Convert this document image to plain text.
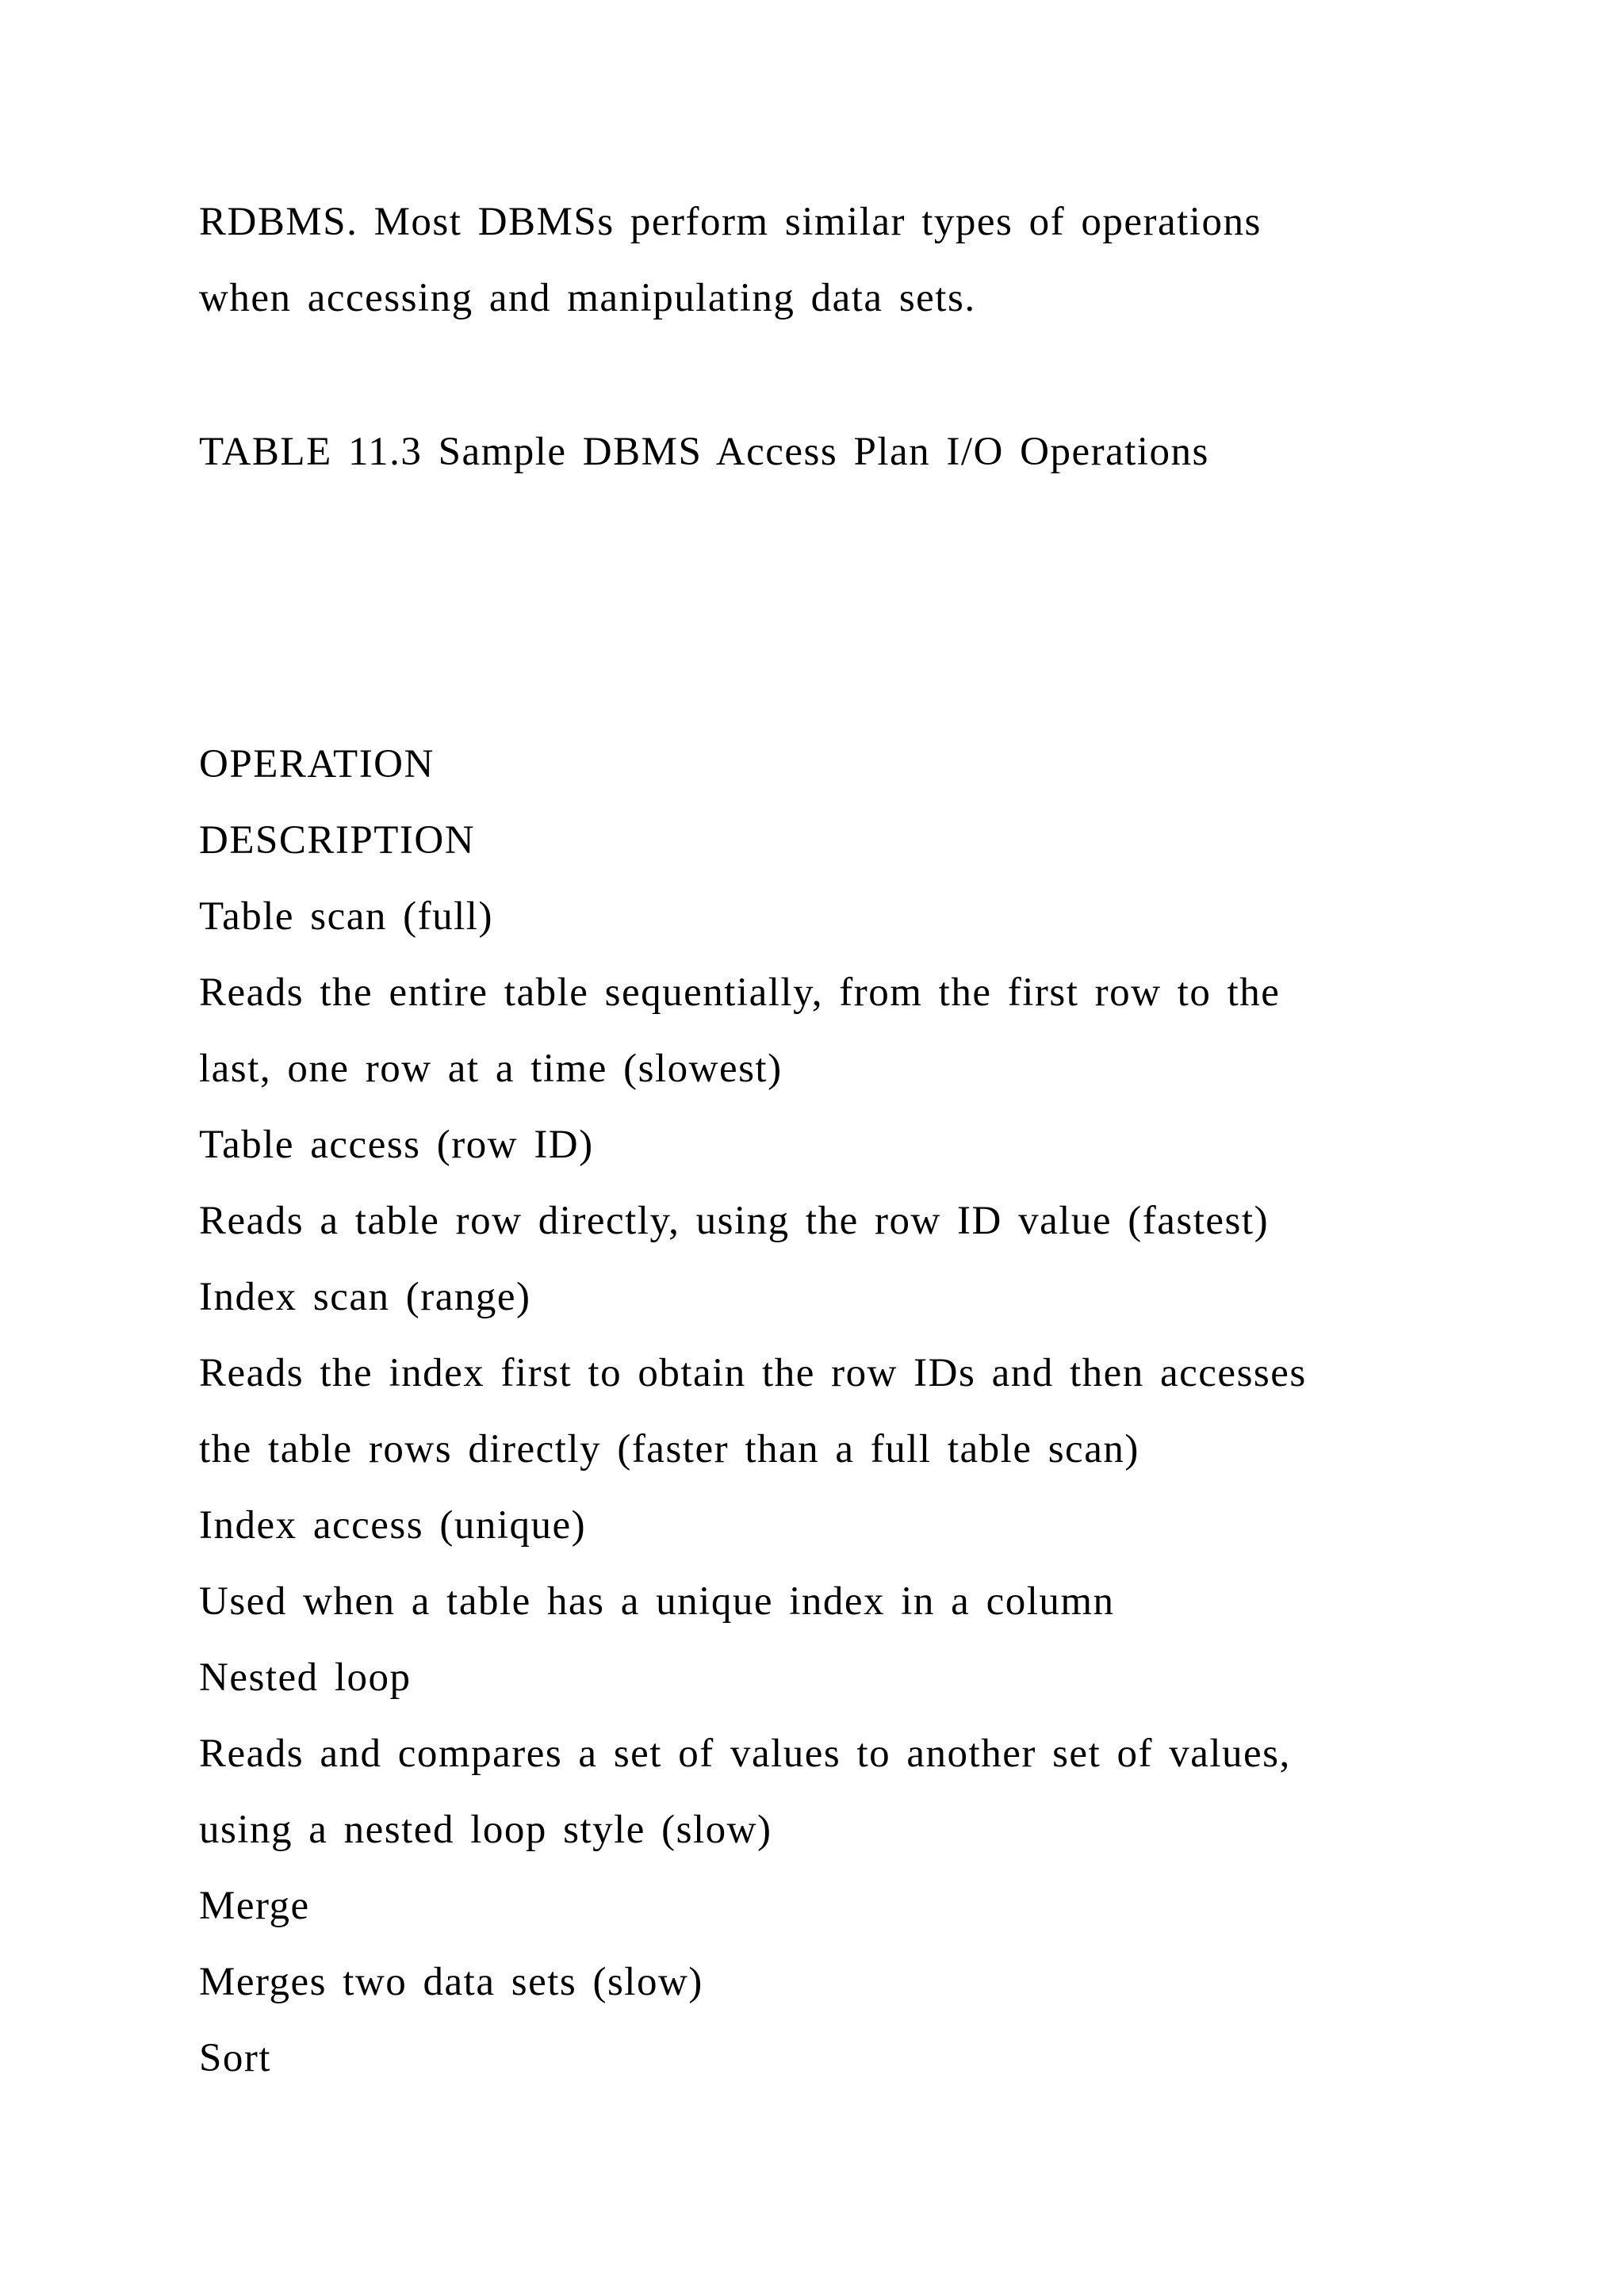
RDBMS. Most DBMSs perform similar types of operations
when accessing and manipulating data sets.
TABLE 11.3 Sample DBMS Access Plan I/O Operations
OPERATION
DESCRIPTION
Table scan (full)
Reads the entire table sequentially, from the first row to the
last, one row at a time (slowest)
Table access (row ID)
Reads a table row directly, using the row ID value (fastest)
Index scan (range)
Reads the index first to obtain the row IDs and then accesses
the table rows directly (faster than a full table scan)
Index access (unique)
Used when a table has a unique index in a column
Nested loop
Reads and compares a set of values to another set of values,
using a nested loop style (slow)
Merge
Merges two data sets (slow)
Sort
